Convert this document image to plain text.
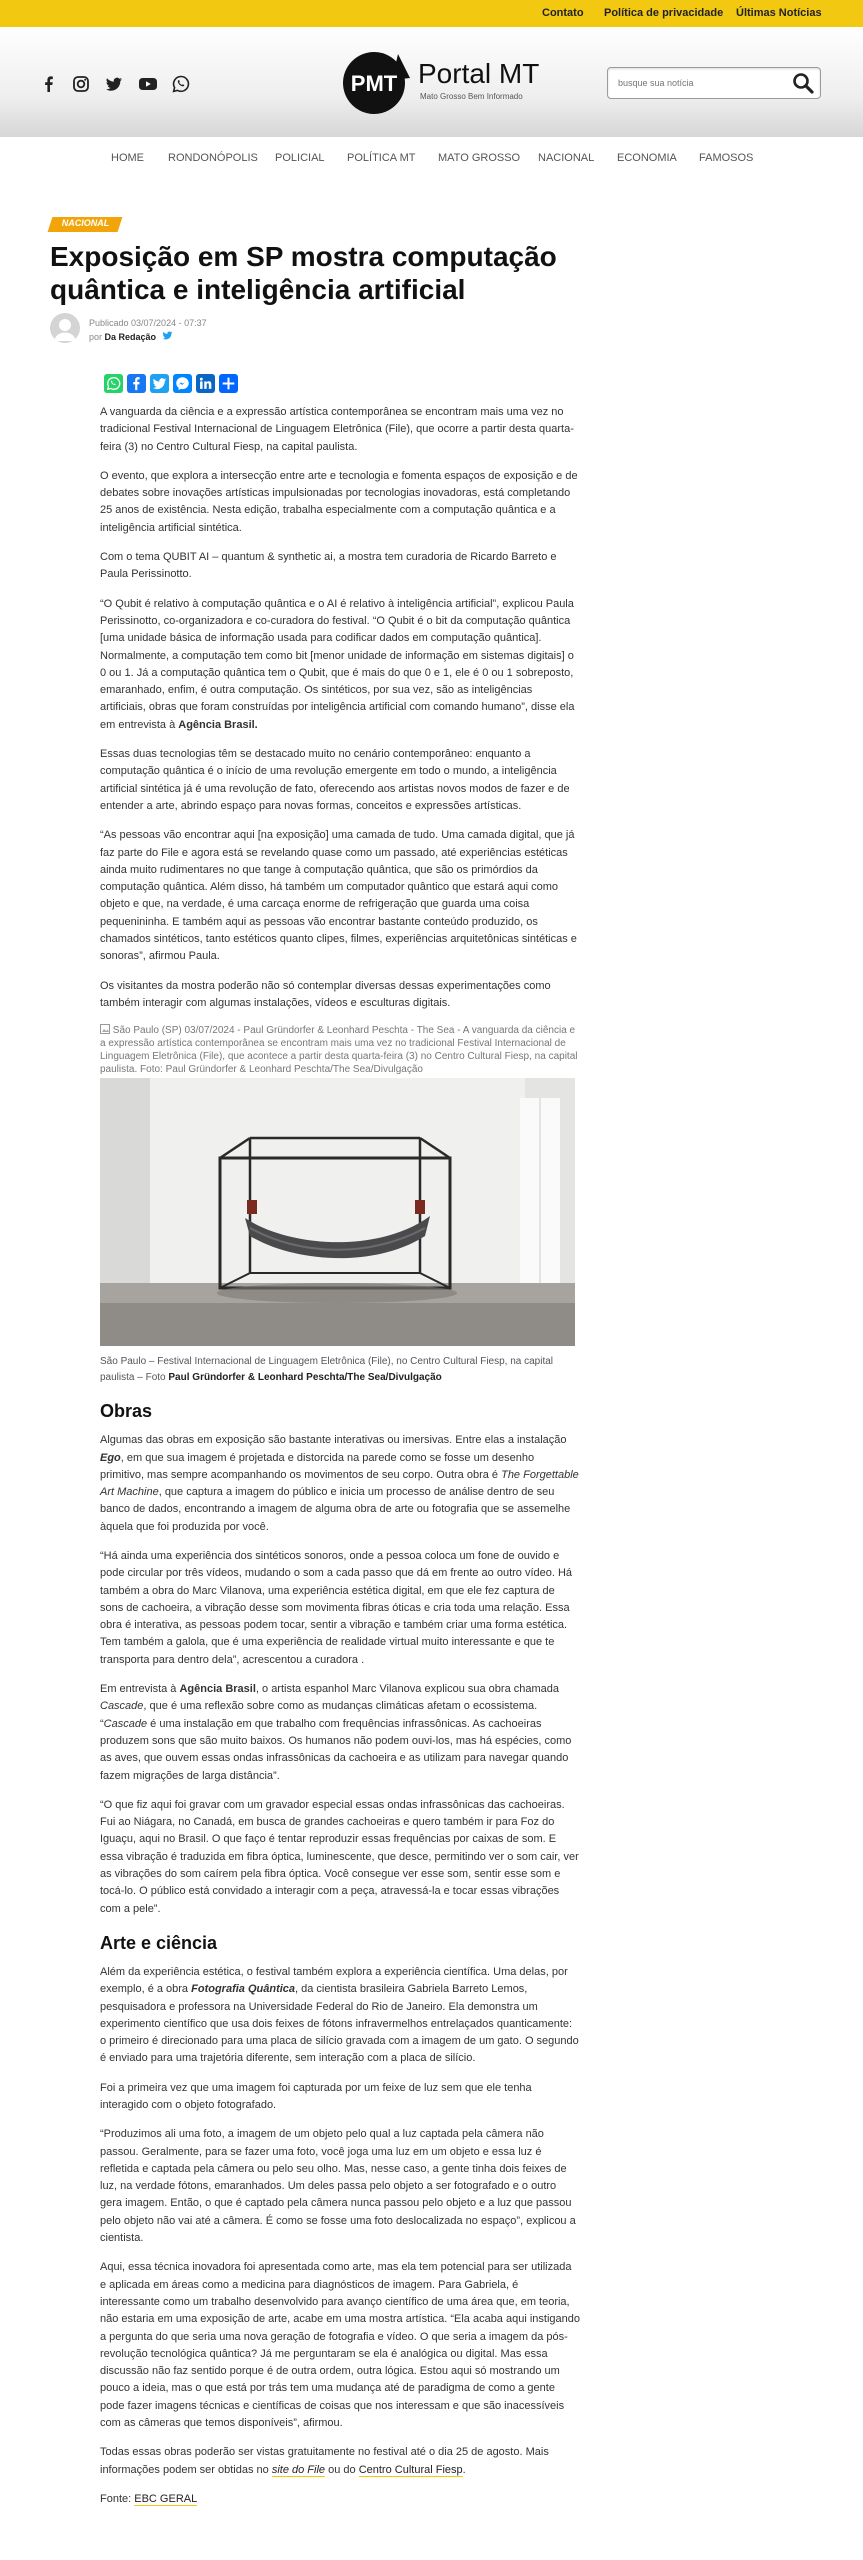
Contato Política de privacidade Últimas Notícias
PMT Portal MT
Mato Grosso Bem Informado
busque sua notícia
HOME RONDONÓPOLIS POLICIAL POLÍTICA MT MATO GROSSO NACIONAL ECONOMIA FAMOSOS
NACIONAL
Exposição em SP mostra computação quântica e inteligência artificial
Publicado 03/07/2024 - 07:37
por Da Redação

A vanguarda da ciência e a expressão artística contemporânea se encontram mais uma vez no tradicional Festival Internacional de Linguagem Eletrônica (File), que ocorre a partir desta quarta-feira (3) no Centro Cultural Fiesp, na capital paulista.

O evento, que explora a intersecção entre arte e tecnologia e fomenta espaços de exposição e de debates sobre inovações artísticas impulsionadas por tecnologias inovadoras, está completando 25 anos de existência. Nesta edição, trabalha especialmente com a computação quântica e a inteligência artificial sintética.

Com o tema QUBIT AI – quantum & synthetic ai, a mostra tem curadoria de Ricardo Barreto e Paula Perissinotto.

“O Qubit é relativo à computação quântica e o AI é relativo à inteligência artificial”, explicou Paula Perissinotto, co-organizadora e co-curadora do festival. “O Qubit é o bit da computação quântica [uma unidade básica de informação usada para codificar dados em computação quântica]. Normalmente, a computação tem como bit [menor unidade de informação em sistemas digitais] o 0 ou 1. Já a computação quântica tem o Qubit, que é mais do que 0 e 1, ele é 0 ou 1 sobreposto, emaranhado, enfim, é outra computação. Os sintéticos, por sua vez, são as inteligências artificiais, obras que foram construídas por inteligência artificial com comando humano”, disse ela em entrevista à Agência Brasil.

Essas duas tecnologias têm se destacado muito no cenário contemporâneo: enquanto a computação quântica é o início de uma revolução emergente em todo o mundo, a inteligência artificial sintética já é uma revolução de fato, oferecendo aos artistas novos modos de fazer e de entender a arte, abrindo espaço para novas formas, conceitos e expressões artísticas.

“As pessoas vão encontrar aqui [na exposição] uma camada de tudo. Uma camada digital, que já faz parte do File e agora está se revelando quase como um passado, até experiências estéticas ainda muito rudimentares no que tange à computação quântica, que são os primórdios da computação quântica. Além disso, há também um computador quântico que estará aqui como objeto e que, na verdade, é uma carcaça enorme de refrigeração que guarda uma coisa pequenininha. E também aqui as pessoas vão encontrar bastante conteúdo produzido, os chamados sintéticos, tanto estéticos quanto clipes, filmes, experiências arquitetônicas sintéticas e sonoras”, afirmou Paula.

Os visitantes da mostra poderão não só contemplar diversas dessas experimentações como também interagir com algumas instalações, vídeos e esculturas digitais.

São Paulo (SP) 03/07/2024 - Paul Gründorfer & Leonhard Peschta - The Sea - A vanguarda da ciência e a expressão artística contemporânea se encontram mais uma vez no tradicional Festival Internacional de Linguagem Eletrônica (File), que acontece a partir desta quarta-feira (3) no Centro Cultural Fiesp, na capital paulista. Foto: Paul Gründorfer & Leonhard Peschta/The Sea/Divulgação
São Paulo – Festival Internacional de Linguagem Eletrônica (File), no Centro Cultural Fiesp, na capital paulista – Foto Paul Gründorfer & Leonhard Peschta/The Sea/Divulgação
Obras

Algumas das obras em exposição são bastante interativas ou imersivas. Entre elas a instalação Ego, em que sua imagem é projetada e distorcida na parede como se fosse um desenho primitivo, mas sempre acompanhando os movimentos de seu corpo. Outra obra é The Forgettable Art Machine, que captura a imagem do público e inicia um processo de análise dentro de seu banco de dados, encontrando a imagem de alguma obra de arte ou fotografia que se assemelhe àquela que foi produzida por você.

“Há ainda uma experiência dos sintéticos sonoros, onde a pessoa coloca um fone de ouvido e pode circular por três vídeos, mudando o som a cada passo que dá em frente ao outro vídeo. Há também a obra do Marc Vilanova, uma experiência estética digital, em que ele fez captura de sons de cachoeira, a vibração desse som movimenta fibras óticas e cria toda uma relação. Essa obra é interativa, as pessoas podem tocar, sentir a vibração e também criar uma forma estética. Tem também a galola, que é uma experiência de realidade virtual muito interessante e que te transporta para dentro dela”, acrescentou a curadora .

Em entrevista à Agência Brasil, o artista espanhol Marc Vilanova explicou sua obra chamada Cascade, que é uma reflexão sobre como as mudanças climáticas afetam o ecossistema. “Cascade é uma instalação em que trabalho com frequências infrassônicas. As cachoeiras produzem sons que são muito baixos. Os humanos não podem ouvi-los, mas há espécies, como as aves, que ouvem essas ondas infrassônicas da cachoeira e as utilizam para navegar quando fazem migrações de larga distância”.

“O que fiz aqui foi gravar com um gravador especial essas ondas infrassônicas das cachoeiras. Fui ao Niágara, no Canadá, em busca de grandes cachoeiras e quero também ir para Foz do Iguaçu, aqui no Brasil. O que faço é tentar reproduzir essas frequências por caixas de som. E essa vibração é traduzida em fibra óptica, luminescente, que desce, permitindo ver o som cair, ver as vibrações do som caírem pela fibra óptica. Você consegue ver esse som, sentir esse som e tocá-lo. O público está convidado a interagir com a peça, atravessá-la e tocar essas vibrações com a pele”.

Arte e ciência

Além da experiência estética, o festival também explora a experiência científica. Uma delas, por exemplo, é a obra Fotografia Quântica, da cientista brasileira Gabriela Barreto Lemos, pesquisadora e professora na Universidade Federal do Rio de Janeiro. Ela demonstra um experimento científico que usa dois feixes de fótons infravermelhos entrelaçados quanticamente: o primeiro é direcionado para uma placa de silício gravada com a imagem de um gato. O segundo é enviado para uma trajetória diferente, sem interação com a placa de silício.

Foi a primeira vez que uma imagem foi capturada por um feixe de luz sem que ele tenha interagido com o objeto fotografado.

“Produzimos ali uma foto, a imagem de um objeto pelo qual a luz captada pela câmera não passou. Geralmente, para se fazer uma foto, você joga uma luz em um objeto e essa luz é refletida e captada pela câmera ou pelo seu olho. Mas, nesse caso, a gente tinha dois feixes de luz, na verdade fótons, emaranhados. Um deles passa pelo objeto a ser fotografado e o outro gera imagem. Então, o que é captado pela câmera nunca passou pelo objeto e a luz que passou pelo objeto não vai até a câmera. É como se fosse uma foto deslocalizada no espaço”, explicou a cientista.

Aqui, essa técnica inovadora foi apresentada como arte, mas ela tem potencial para ser utilizada e aplicada em áreas como a medicina para diagnósticos de imagem. Para Gabriela, é interessante como um trabalho desenvolvido para avanço científico de uma área que, em teoria, não estaria em uma exposição de arte, acabe em uma mostra artística. “Ela acaba aqui instigando a pergunta do que seria uma nova geração de fotografia e vídeo. O que seria a imagem da pós-revolução tecnológica quântica? Já me perguntaram se ela é analógica ou digital. Mas essa discussão não faz sentido porque é de outra ordem, outra lógica. Estou aqui só mostrando um pouco a ideia, mas o que está por trás tem uma mudança até de paradigma de como a gente pode fazer imagens técnicas e científicas de coisas que nos interessam e que são inacessíveis com as câmeras que temos disponíveis”, afirmou.

Todas essas obras poderão ser vistas gratuitamente no festival até o dia 25 de agosto. Mais informações podem ser obtidas no site do File ou do Centro Cultural Fiesp.

Fonte: EBC GERAL
